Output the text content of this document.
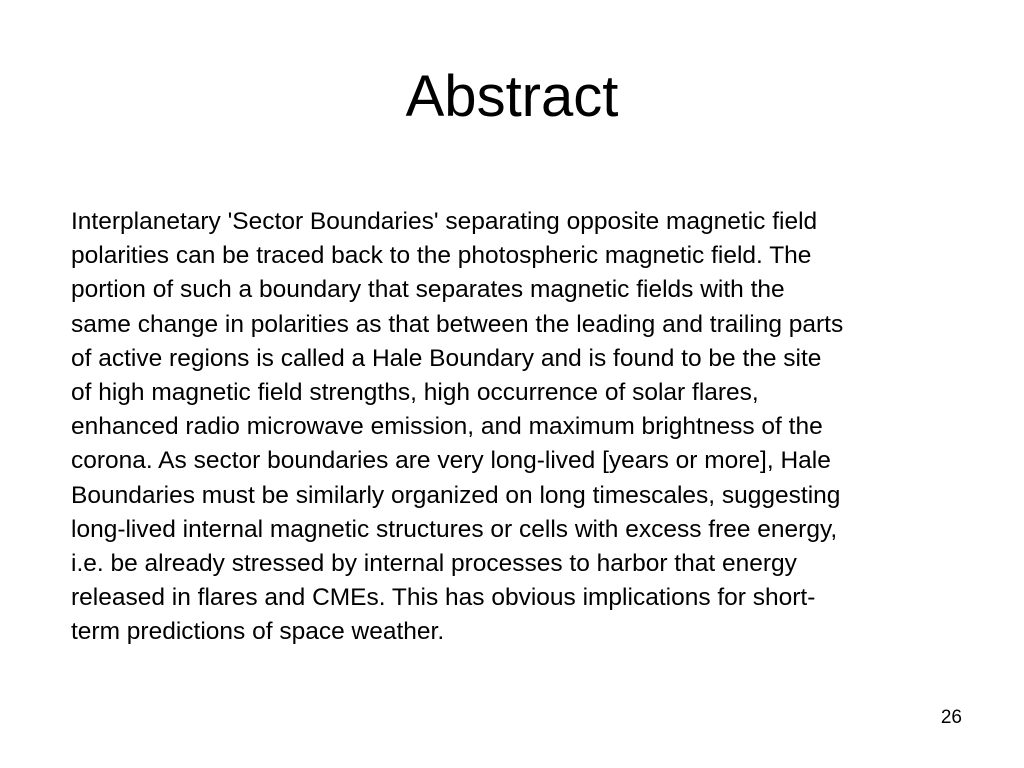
Abstract
Interplanetary 'Sector Boundaries' separating opposite magnetic field
polarities can be traced back to the photospheric magnetic field. The
portion of such a boundary that separates magnetic fields with the
same change in polarities as that between the leading and trailing parts
of active regions is called a Hale Boundary and is found to be the site
of high magnetic field strengths, high occurrence of solar flares,
enhanced radio microwave emission, and maximum brightness of the
corona. As sector boundaries are very long-lived [years or more], Hale
Boundaries must be similarly organized on long timescales, suggesting
long-lived internal magnetic structures or cells with excess free energy,
i.e. be already stressed by internal processes to harbor that energy
released in flares and CMEs. This has obvious implications for short-
term predictions of space weather.
26
